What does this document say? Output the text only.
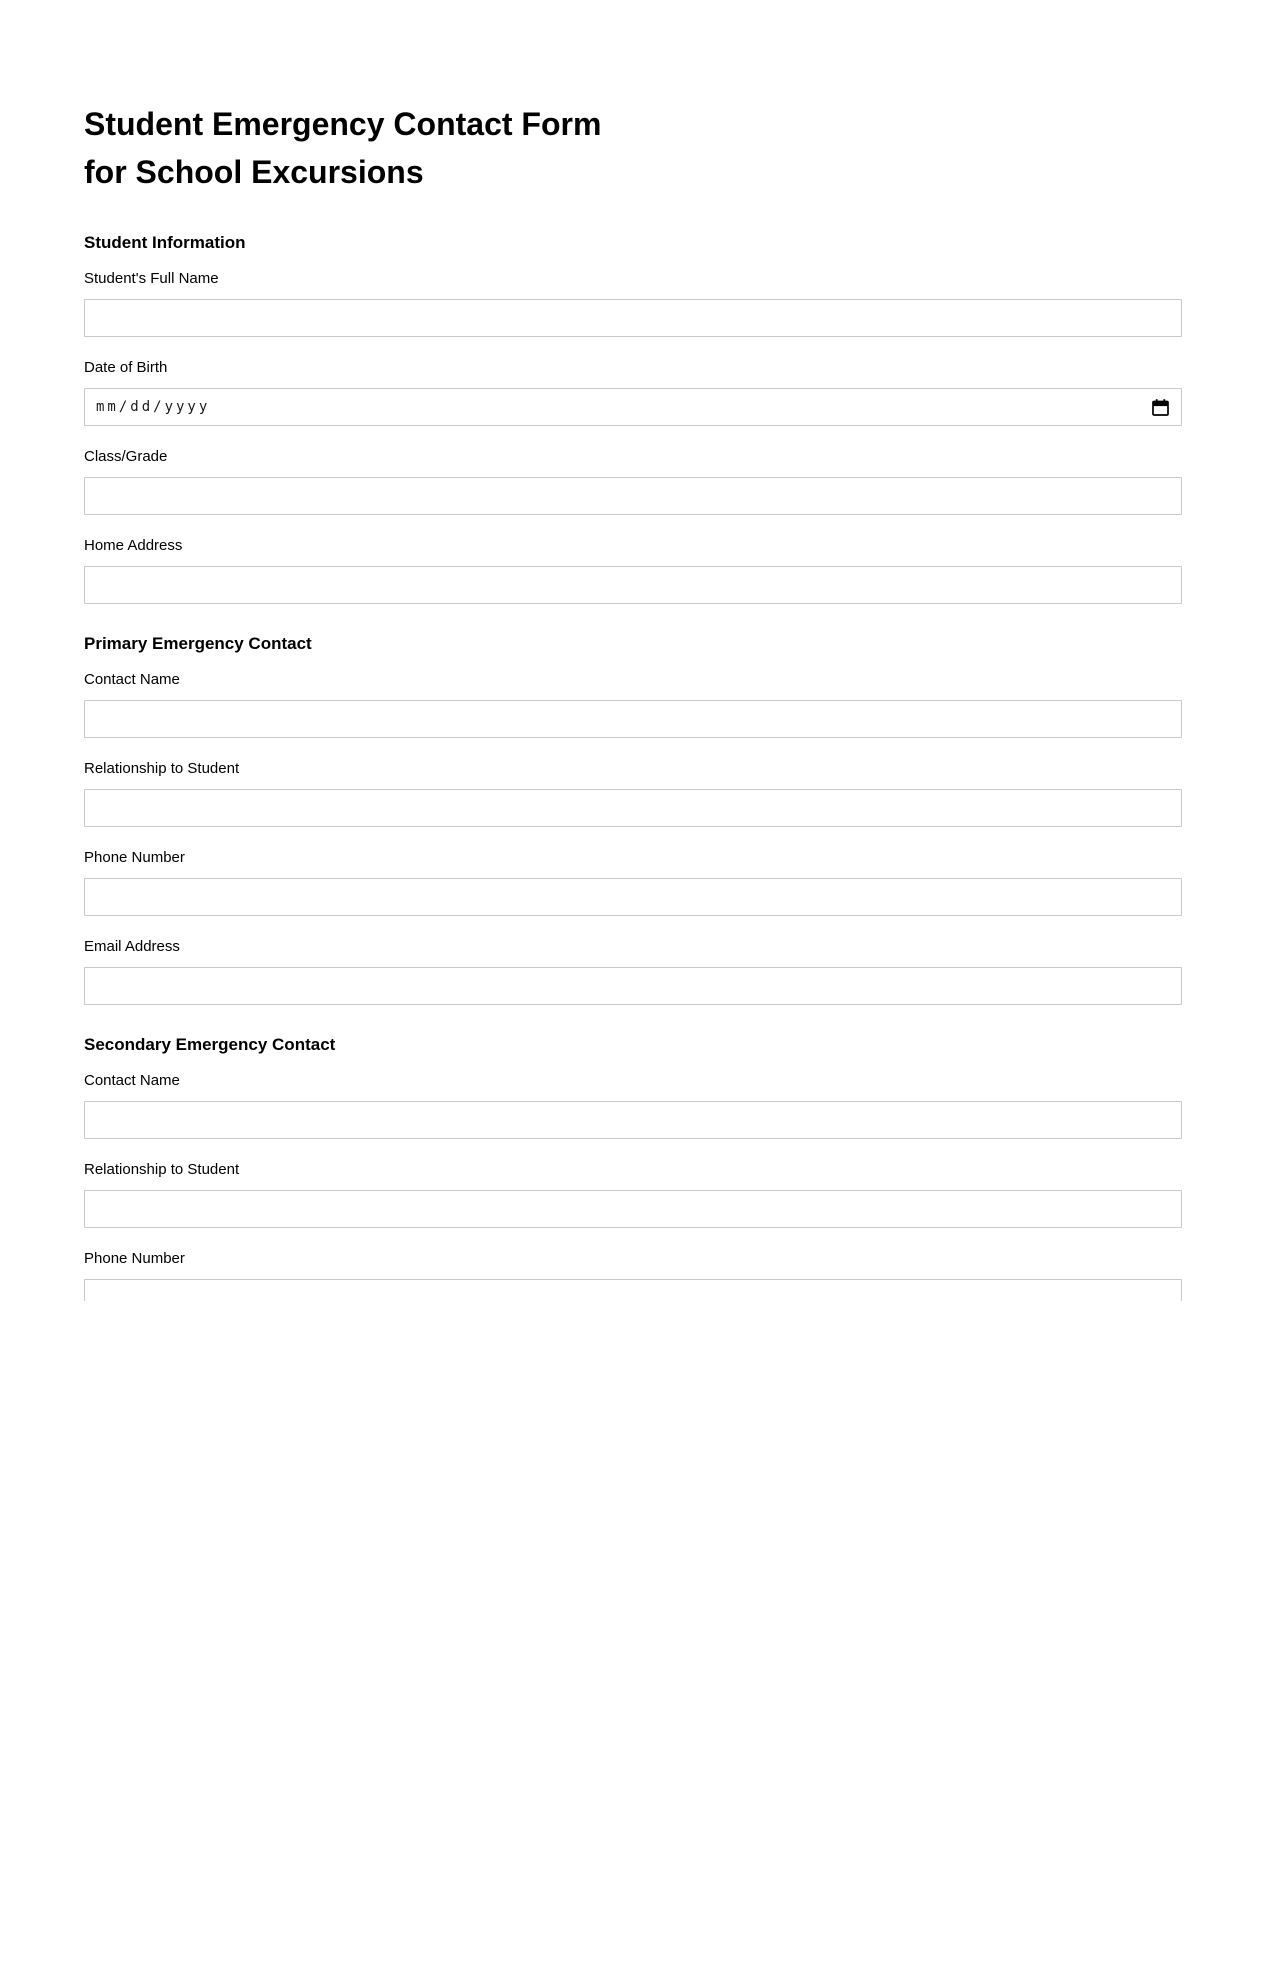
Student Emergency Contact Form
for School Excursions
Student Information
Student's Full Name
Date of Birth
mm/dd/yyyy
Class/Grade
Home Address
Primary Emergency Contact
Contact Name
Relationship to Student
Phone Number
Email Address
Secondary Emergency Contact
Contact Name
Relationship to Student
Phone Number
